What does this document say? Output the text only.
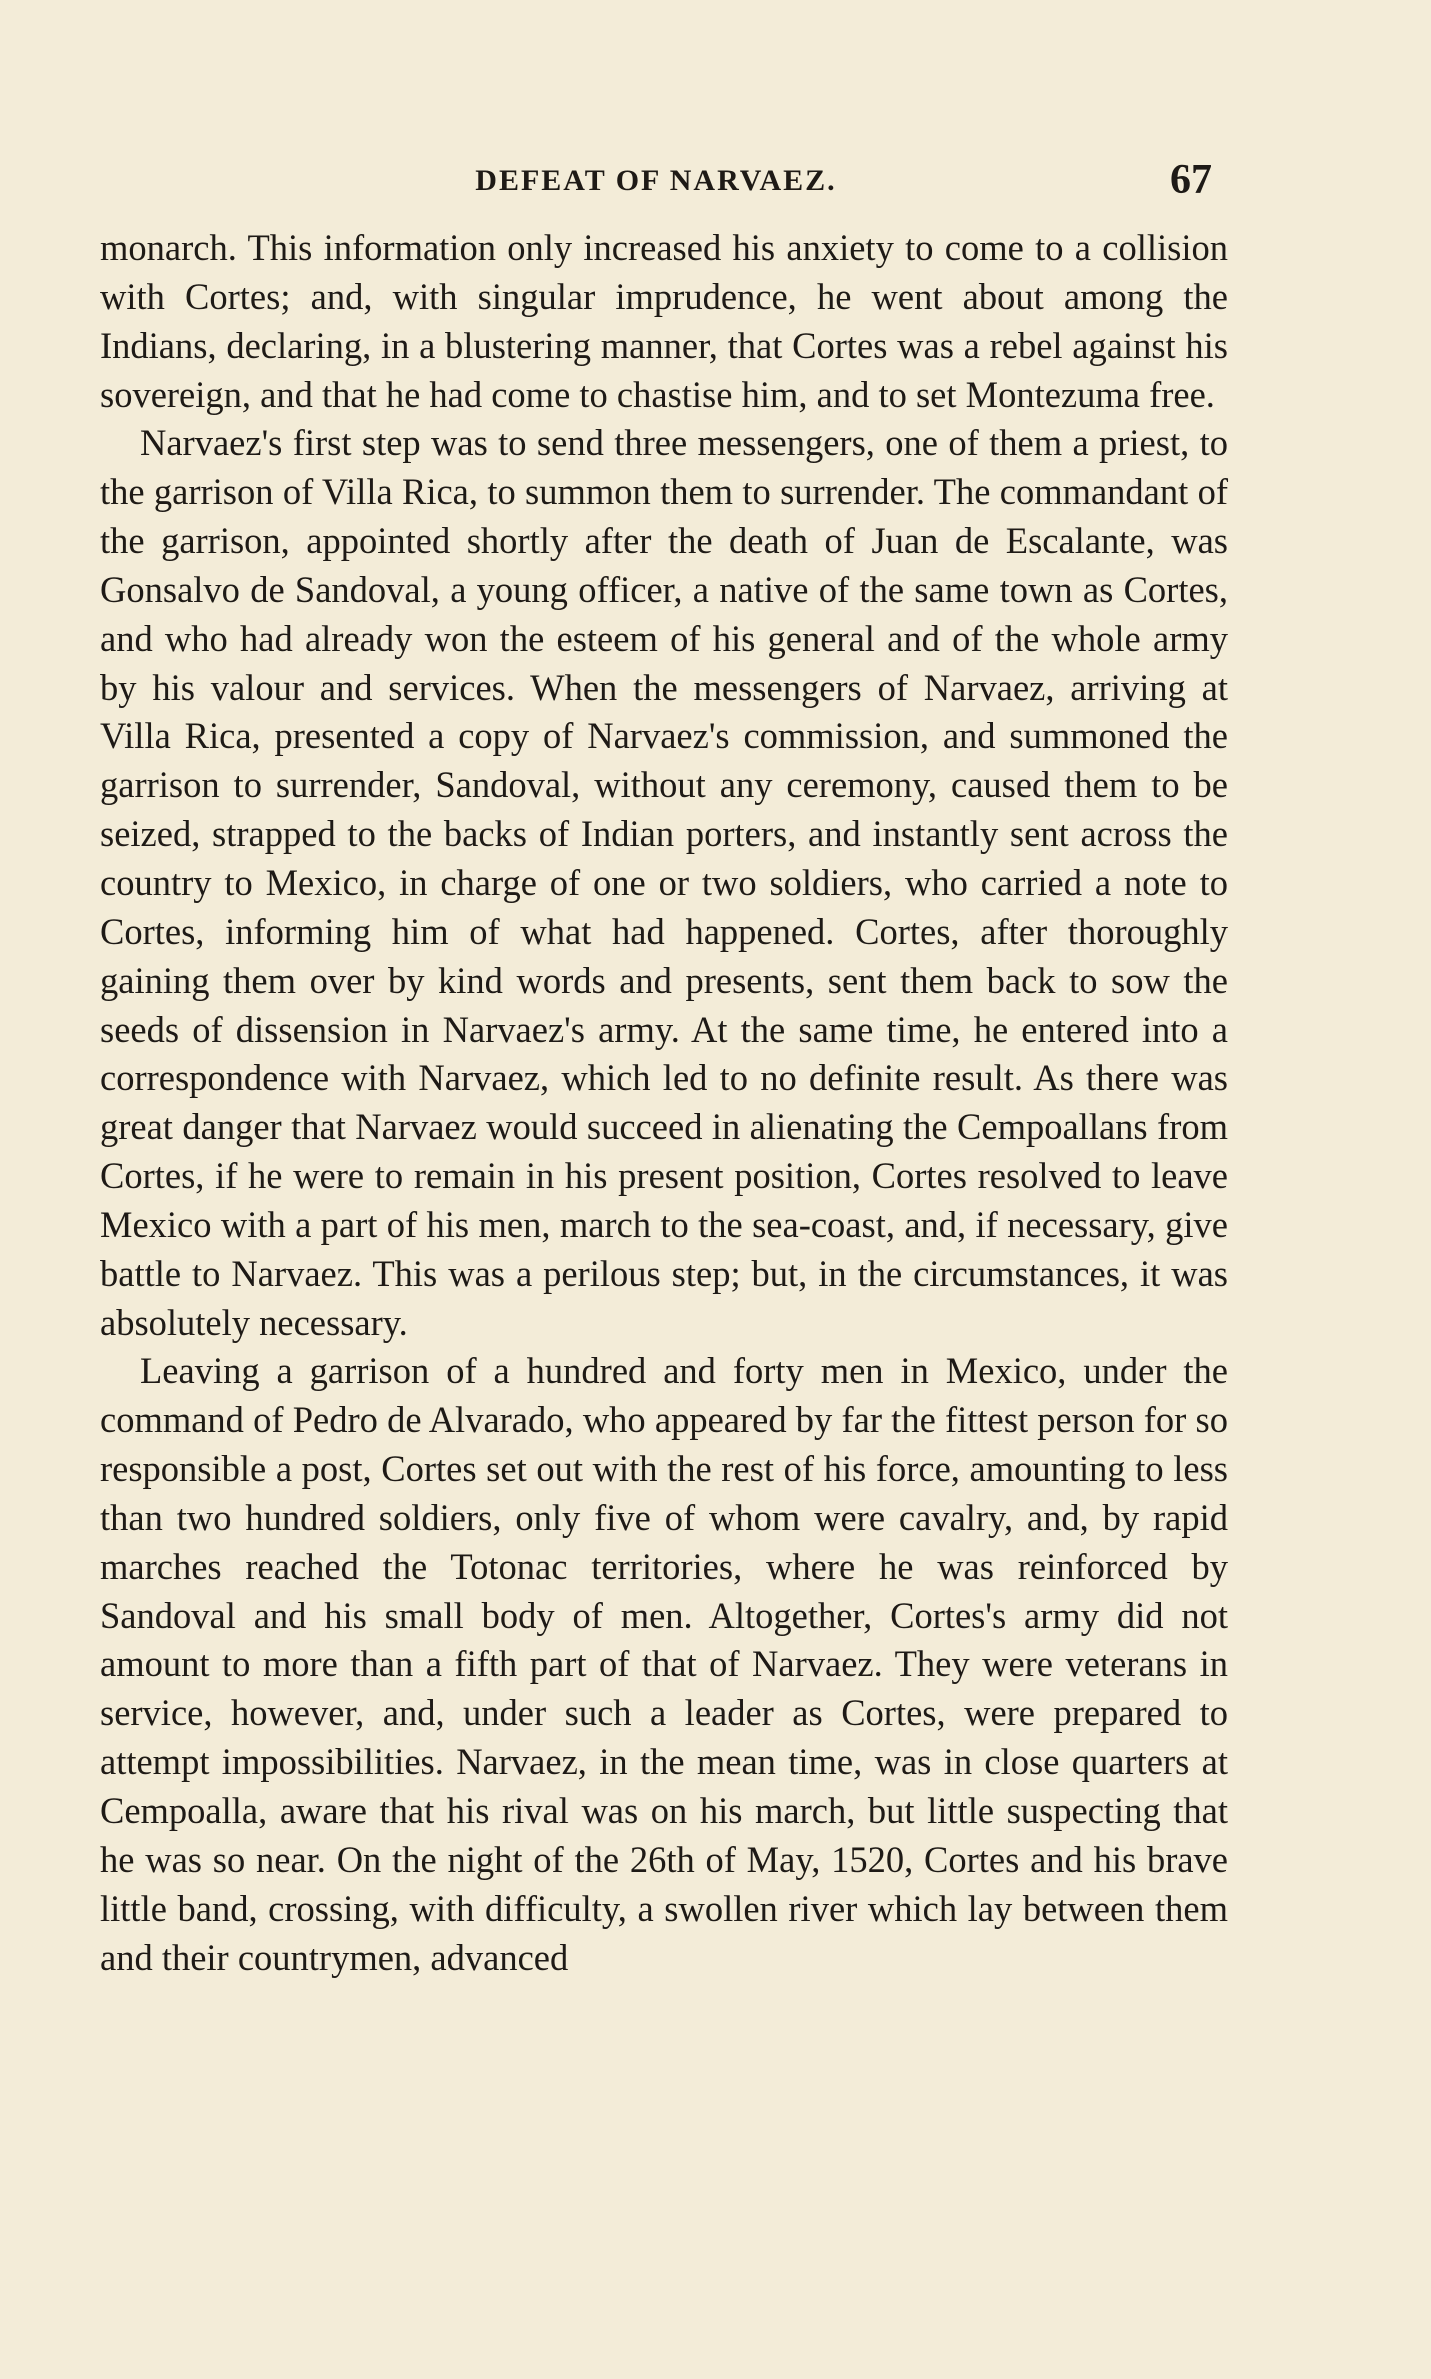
DEFEAT OF NARVAEZ.	67

monarch. This information only increased his anxiety to come to a collision with Cortes; and, with singular imprudence, he went about among the Indians, declaring, in a blustering manner, that Cortes was a rebel against his sovereign, and that he had come to chastise him, and to set Montezuma free.

Narvaez's first step was to send three messengers, one of them a priest, to the garrison of Villa Rica, to summon them to surrender. The commandant of the garrison, appointed shortly after the death of Juan de Escalante, was Gonsalvo de Sandoval, a young officer, a native of the same town as Cortes, and who had already won the esteem of his general and of the whole army by his valour and services. When the messengers of Narvaez, arriving at Villa Rica, presented a copy of Narvaez's commission, and summoned the garrison to surrender, Sandoval, without any ceremony, caused them to be seized, strapped to the backs of Indian porters, and instantly sent across the country to Mexico, in charge of one or two soldiers, who carried a note to Cortes, informing him of what had happened. Cortes, after thoroughly gaining them over by kind words and presents, sent them back to sow the seeds of dissension in Narvaez's army. At the same time, he entered into a correspondence with Narvaez, which led to no definite result. As there was great danger that Narvaez would succeed in alienating the Cempoallans from Cortes, if he were to remain in his present position, Cortes resolved to leave Mexico with a part of his men, march to the sea-coast, and, if necessary, give battle to Narvaez. This was a perilous step; but, in the circumstances, it was absolutely necessary.

Leaving a garrison of a hundred and forty men in Mexico, under the command of Pedro de Alvarado, who appeared by far the fittest person for so responsible a post, Cortes set out with the rest of his force, amounting to less than two hundred soldiers, only five of whom were cavalry, and, by rapid marches reached the Totonac territories, where he was reinforced by Sandoval and his small body of men. Altogether, Cortes's army did not amount to more than a fifth part of that of Narvaez. They were veterans in service, however, and, under such a leader as Cortes, were prepared to attempt impossibilities. Narvaez, in the mean time, was in close quarters at Cempoalla, aware that his rival was on his march, but little suspecting that he was so near. On the night of the 26th of May, 1520, Cortes and his brave little band, crossing, with difficulty, a swollen river which lay between them and their countrymen, advanced
